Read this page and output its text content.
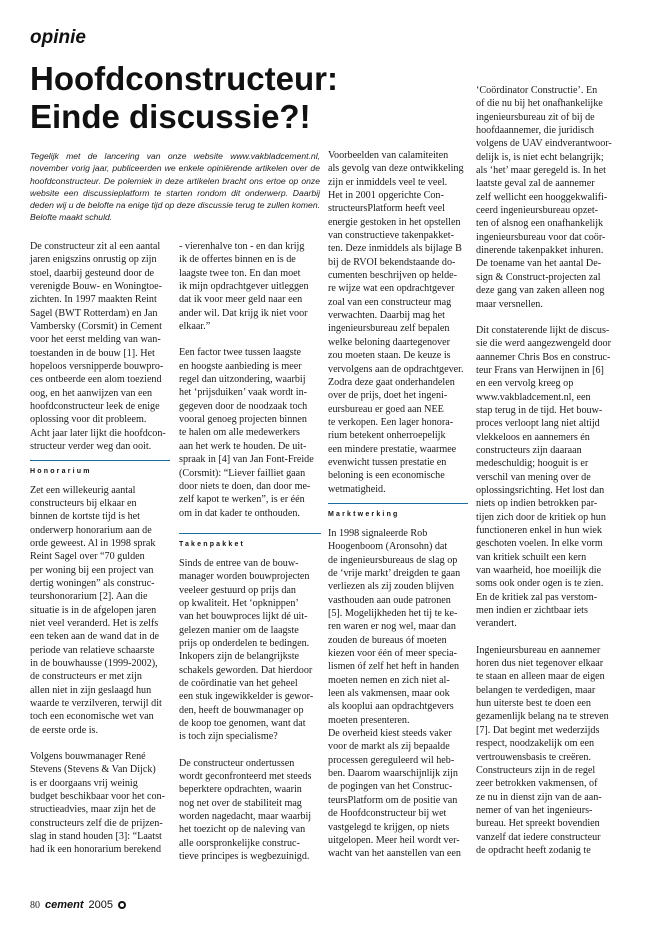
opinie
Hoofdconstructeur:
Einde discussie?!
Tegelijk met de lancering van onze website www.vakbladcement.nl, november vorig jaar, publiceerden we enkele opiniërende artikelen over de hoofdconstructeur. De polemiek in deze artikelen bracht ons ertoe op onze website een discussieplatform te starten rondom dit onderwerp. Daarbij deden wij u de belofte na enige tijd op deze discussie terug te zullen komen. Belofte maakt schuld.

De constructeur zit al een aantal

jaren enigszins onrustig op zijn

stoel, daarbij gesteund door de

verenigde Bouw- en Woningtoe-

zichten. In 1997 maakten Reint

Sagel (BWT Rotterdam) en Jan

Vambersky (Corsmit) in Cement

voor het eerst melding van wan-

toestanden in de bouw [1]. Het

hopeloos versnipperde bouwpro-

ces ontbeerde een alom toeziend

oog, en het aanwijzen van een

hoofdconstructeur leek de enige

oplossing voor dit probleem.

Acht jaar later lijkt die hoofdcon-

structeur verder weg dan ooit.

Honorarium

Zet een willekeurig aantal

constructeurs bij elkaar en

binnen de kortste tijd is het

onderwerp honorarium aan de

orde geweest. Al in 1998 sprak

Reint Sagel over “70 gulden

per woning bij een project van

dertig woningen” als construc-

teurshonorarium [2]. Aan die

situatie is in de afgelopen jaren

niet veel veranderd. Het is zelfs

een teken aan de wand dat in de

periode van relatieve schaarste

in de bouwhausse (1999-2002),

de constructeurs er met zijn

allen niet in zijn geslaagd hun

waarde te verzilveren, terwijl dit

toch een economische wet van

de eerste orde is.

Volgens bouwmanager René

Stevens (Stevens & Van Dijck)

is er doorgaans vrij weinig

budget beschikbaar voor het con-

structieadvies, maar zijn het de

constructeurs zelf die de prijzen-

slag in stand houden [3]: “Laatst

had ik een honorarium berekend

- vierenhalve ton - en dan krijg

ik de offertes binnen en is de

laagste twee ton. En dan moet

ik mijn opdrachtgever uitleggen

dat ik voor meer geld naar een

ander wil. Dat krijg ik niet voor

elkaar.”

Een factor twee tussen laagste

en hoogste aanbieding is meer

regel dan uitzondering, waarbij

het ‘prijsduiken’ vaak wordt in-

gegeven door de noodzaak toch

vooral genoeg projecten binnen

te halen om alle medewerkers

aan het werk te houden. De uit-

spraak in [4] van Jan Font-Freide

(Corsmit): “Liever failliet gaan

door niets te doen, dan door me-

zelf kapot te werken”, is er één

om in dat kader te onthouden.

Takenpakket

Sinds de entree van de bouw-

manager worden bouwprojecten

veeleer gestuurd op prijs dan

op kwaliteit. Het ‘opknippen’

van het bouwproces lijkt dé uit-

gelezen manier om de laagste

prijs op onderdelen te bedingen.

Inkopers zijn de belangrijkste

schakels geworden. Dat hierdoor

de coördinatie van het geheel

een stuk ingewikkelder is gewor-

den, heeft de bouwmanager op

de koop toe genomen, want dat

is toch zijn specialisme?

De constructeur ondertussen

wordt geconfronteerd met steeds

beperktere opdrachten, waarin

nog net over de stabiliteit mag

worden nagedacht, maar waarbij

het toezicht op de naleving van

alle oorspronkelijke construc-

tieve principes is wegbezuinigd.

Voorbeelden van calamiteiten

als gevolg van deze ontwikkeling

zijn er inmiddels veel te veel.

Het in 2001 opgerichte Con-

structeursPlatform heeft veel

energie gestoken in het opstellen

van constructieve takenpakket-

ten. Deze inmiddels als bijlage B

bij de RVOI bekendstaande do-

cumenten beschrijven op helde-

re wijze wat een opdrachtgever

zoal van een constructeur mag

verwachten. Daarbij mag het

ingenieursbureau zelf bepalen

welke beloning daartegenover

zou moeten staan. De keuze is

vervolgens aan de opdrachtgever.

Zodra deze gaat onderhandelen

over de prijs, doet het ingeni-

eursbureau er goed aan NEE

te verkopen. Een lager honora-

rium betekent onherroepelijk

een mindere prestatie, waarmee

evenwicht tussen prestatie en

beloning is een economische

wetmatigheid.

Marktwerking

In 1998 signaleerde Rob

Hoogenboom (Aronsohn) dat

de ingenieursbureaus de slag op

de ‘vrije markt’ dreigden te gaan

verliezen als zij zouden blijven

vasthouden aan oude patronen

[5]. Mogelijkheden het tij te ke-

ren waren er nog wel, maar dan

zouden de bureaus óf moeten

kiezen voor één of meer specia-

lismen óf zelf het heft in handen

moeten nemen en zich niet al-

leen als vakmensen, maar ook

als kooplui aan opdrachtgevers

moeten presenteren.

De overheid kiest steeds vaker

voor de markt als zij bepaalde

processen gereguleerd wil heb-

ben. Daarom waarschijnlijk zijn

de pogingen van het Construc-

teursPlatform om de positie van

de Hoofdconstructeur bij wet

vastgelegd te krijgen, op niets

uitgelopen. Meer heil wordt ver-

wacht van het aanstellen van een

‘Coördinator Constructie’. En

of die nu bij het onafhankelijke

ingenieursbureau zit of bij de

hoofdaannemer, die juridisch

volgens de UAV eindverantwoor-

delijk is, is niet echt belangrijk;

als ‘het’ maar geregeld is. In het

laatste geval zal de aannemer

zelf wellicht een hooggekwalifi-

ceerd ingenieursbureau opzet-

ten of alsnog een onafhankelijk

ingenieursbureau voor dat coör-

dinerende takenpakket inhuren.

De toename van het aantal De-

sign & Construct-projecten zal

deze gang van zaken alleen nog

maar versnellen.

Dit constaterende lijkt de discus-

sie die werd aangezwengeld door

aannemer Chris Bos en construc-

teur Frans van Herwijnen in [6]

en een vervolg kreeg op

www.vakbladcement.nl, een

stap terug in de tijd. Het bouw-

proces verloopt lang niet altijd

vlekkeloos en aannemers én

constructeurs zijn daaraan

medeschuldig; hooguit is er

verschil van mening over de

oplossingsrichting. Het lost dan

niets op indien betrokken par-

tijen zich door de kritiek op hun

functioneren enkel in hun wiek

geschoten voelen. In elke vorm

van kritiek schuilt een kern

van waarheid, hoe moeilijk die

soms ook onder ogen is te zien.

En de kritiek zal pas verstom-

men indien er zichtbaar iets

verandert.

Ingenieursbureau en aannemer

horen dus niet tegenover elkaar

te staan en alleen maar de eigen

belangen te verdedigen, maar

hun uiterste best te doen een

gezamenlijk belang na te streven

[7]. Dat begint met wederzijds

respect, noodzakelijk om een

vertrouwensbasis te creëren.

Constructeurs zijn in de regel

zeer betrokken vakmensen, of

ze nu in dienst zijn van de aan-

nemer of van het ingenieurs-

bureau. Het spreekt bovendien

vanzelf dat iedere constructeur

de opdracht heeft zodanig te

80 cement 2005
